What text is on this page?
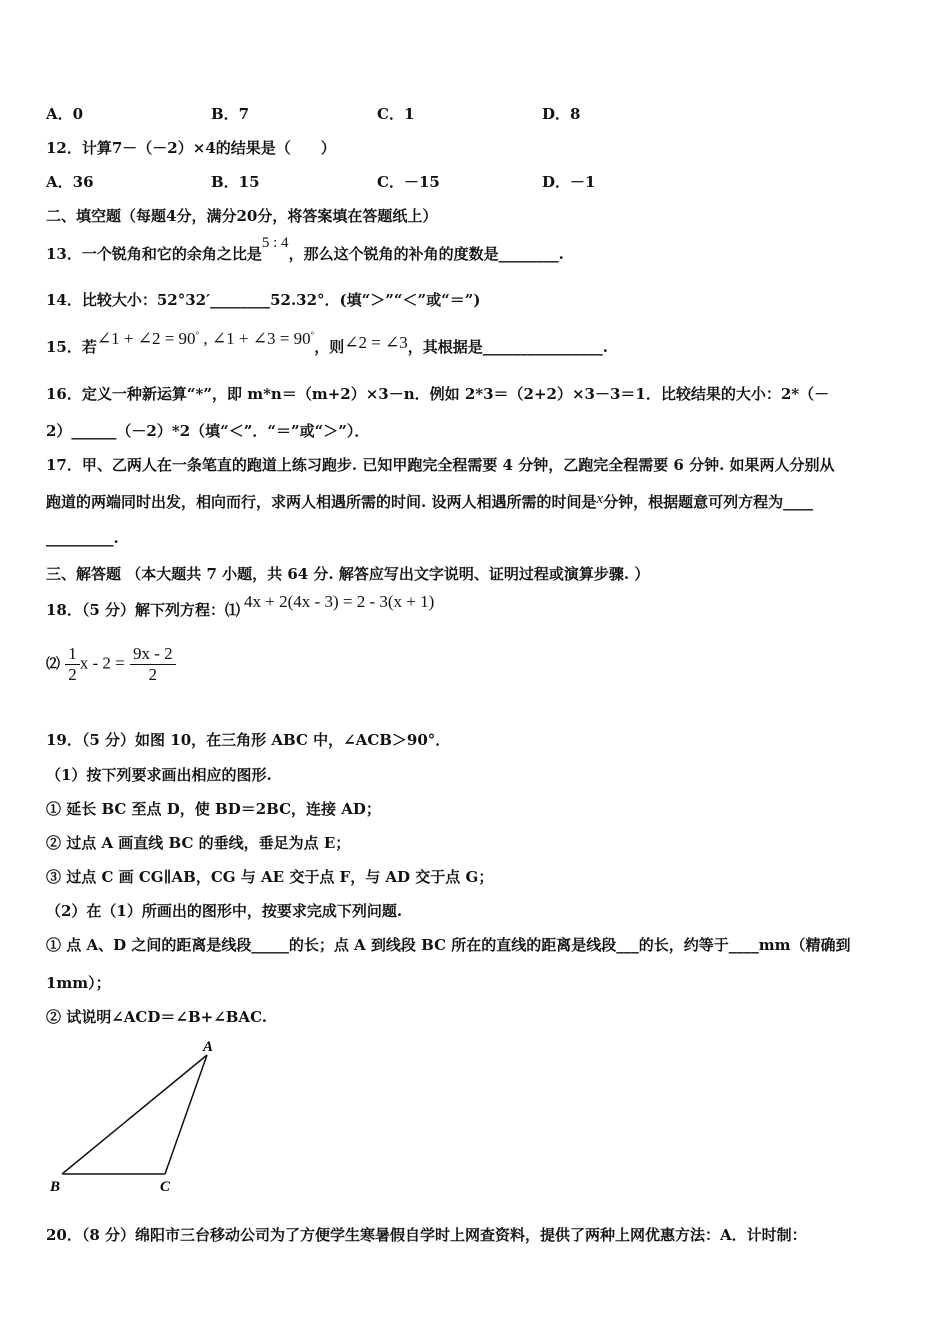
A．0	B．7	C．1	D．8
12．计算7－（－2）×4的结果是（　　）
A．36	B．15	C．－15	D．－1
二、填空题（每题4分，满分20分，将答案填在答题纸上）
13．一个锐角和它的余角之比是5 : 4，那么这个锐角的补角的度数是________.
14．比较大小：52°32′________52.32°．(填“＞”“＜”或“＝”)
15．若∠1 + ∠2 = 90° , ∠1 + ∠3 = 90°，则∠2 = ∠3，其根据是________________.
16．定义一种新运算“*”，即 m*n＝（m+2）×3－n．例如 2*3＝（2+2）×3－3＝1．比较结果的大小：2*（－
2）______（－2）*2（填“＜”．“＝”或“＞”）．
17．甲、乙两人在一条笔直的跑道上练习跑步. 已知甲跑完全程需要 4 分钟，乙跑完全程需要 6 分钟. 如果两人分别从
跑道的两端同时出发，相向而行，求两人相遇所需的时间. 设两人相遇所需的时间是x分钟，根据题意可列方程为____
_________.
三、解答题 （本大题共 7 小题，共 64 分. 解答应写出文字说明、证明过程或演算步骤. ）
18．（5 分）解下列方程：⑴ 4x + 2(4x - 3) = 2 - 3(x + 1)
⑵ $\frac{1}{2}$ $x - 2 = \frac{9x - 2}{2}$
19．（5 分）如图 10，在三角形 ABC 中，∠ACB＞90°．
（1）按下列要求画出相应的图形.
① 延长 BC 至点 D，使 BD＝2BC，连接 AD；
② 过点 A 画直线 BC 的垂线，垂足为点 E；
③ 过点 C 画 CG∥AB，CG 与 AE 交于点 F，与 AD 交于点 G；
（2）在（1）所画出的图形中，按要求完成下列问题.
① 点 A、D 之间的距离是线段_____的长；点 A 到线段 BC 所在的直线的距离是线段___的长，约等于____mm（精确到
1mm）；
② 试说明∠ACD＝∠B+∠BAC.
A
B	C
20．（8 分）绵阳市三台移动公司为了方便学生寒暑假自学时上网查资料，提供了两种上网优惠方法：A．计时制：
